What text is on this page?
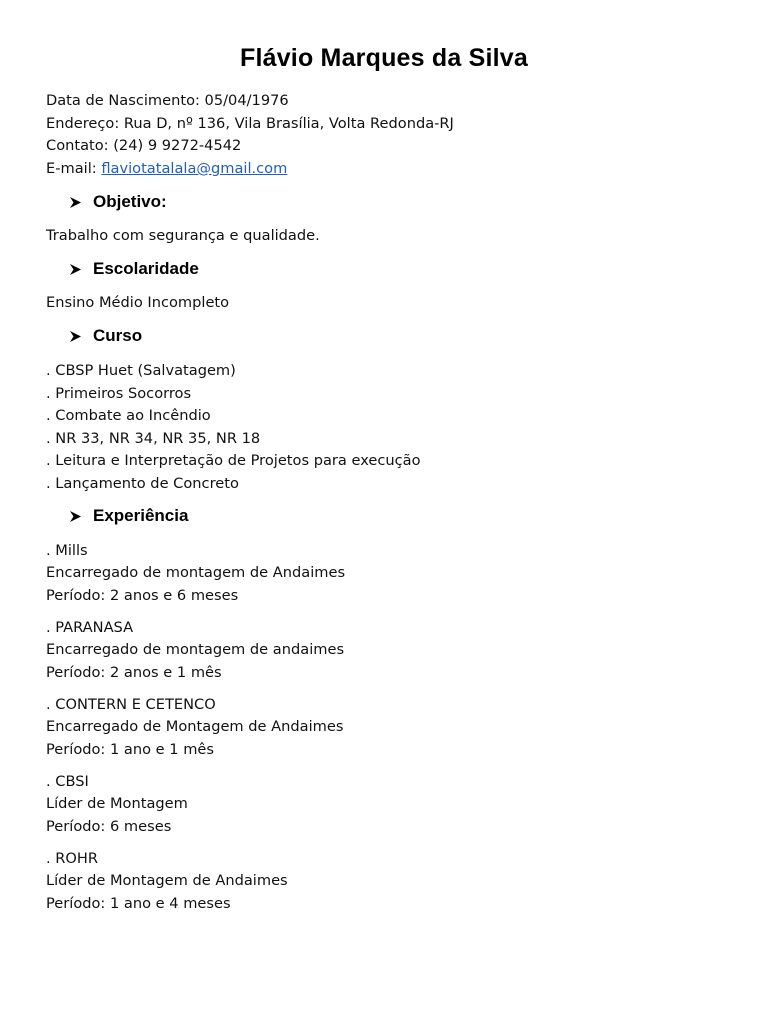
Flávio Marques da Silva
Data de Nascimento: 05/04/1976
Endereço: Rua D, nº 136, Vila Brasília, Volta Redonda-RJ
Contato: (24) 9 9272-4542
E-mail: flaviotatalala@gmail.com
Objetivo:
Trabalho com segurança e qualidade.
Escolaridade
Ensino Médio Incompleto
Curso
. CBSP Huet (Salvatagem)
. Primeiros Socorros
. Combate ao Incêndio
. NR 33, NR 34, NR 35, NR 18
. Leitura e Interpretação de Projetos para execução
. Lançamento de Concreto
Experiência
. Mills
Encarregado de montagem de Andaimes
Período: 2 anos e 6 meses
. PARANASA
Encarregado de montagem de andaimes
Período: 2 anos e 1 mês
. CONTERN E CETENCO
Encarregado de Montagem de Andaimes
Período: 1 ano e 1 mês
. CBSI
Líder de Montagem
Período: 6 meses
. ROHR
Líder de Montagem de Andaimes
Período: 1 ano e 4 meses
